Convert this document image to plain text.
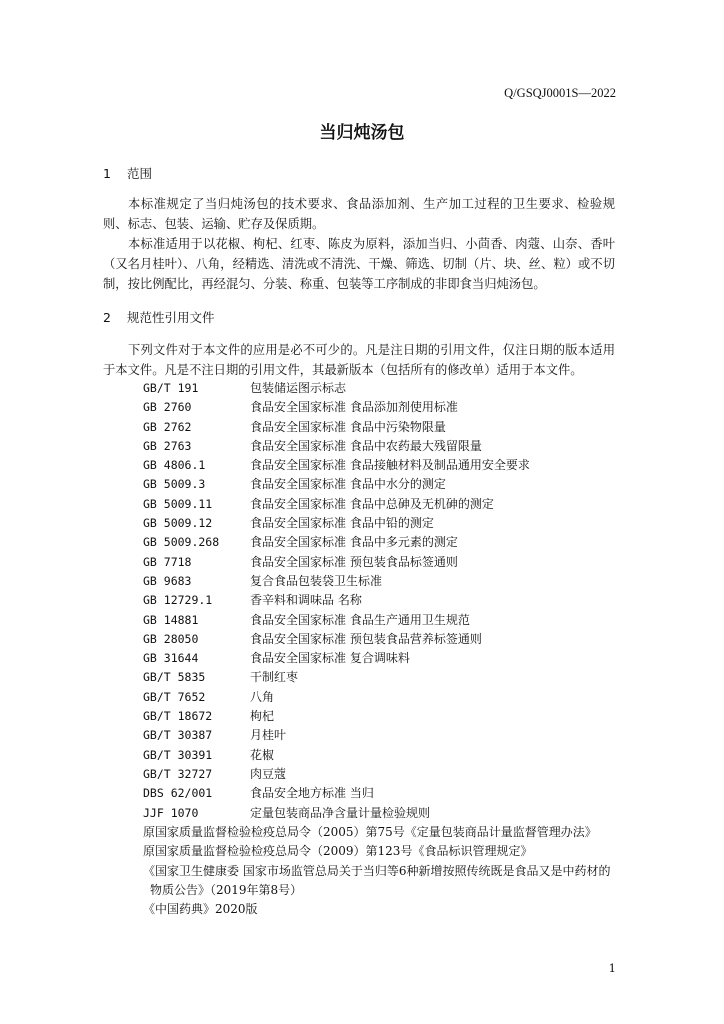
Q/GSQJ0001S—2022
当归炖汤包
1 范围

本标准规定了当归炖汤包的技术要求、食品添加剂、生产加工过程的卫生要求、检验规则、标志、包装、运输、贮存及保质期。

本标准适用于以花椒、枸杞、红枣、陈皮为原料，添加当归、小茴香、肉蔻、山奈、香叶（又名月桂叶）、八角，经精选、清洗或不清洗、干燥、筛选、切制（片、块、丝、粒）或不切制，按比例配比，再经混匀、分装、称重、包装等工序制成的非即食当归炖汤包。

2 规范性引用文件

下列文件对于本文件的应用是必不可少的。凡是注日期的引用文件，仅注日期的版本适用于本文件。凡是不注日期的引用文件，其最新版本（包括所有的修改单）适用于本文件。

GB/T 191	包装储运图示标志
GB 2760	食品安全国家标准 食品添加剂使用标准
GB 2762	食品安全国家标准 食品中污染物限量
GB 2763	食品安全国家标准 食品中农药最大残留限量
GB 4806.1	食品安全国家标准 食品接触材料及制品通用安全要求
GB 5009.3	食品安全国家标准 食品中水分的测定
GB 5009.11	食品安全国家标准 食品中总砷及无机砷的测定
GB 5009.12	食品安全国家标准 食品中铅的测定
GB 5009.268	食品安全国家标准 食品中多元素的测定
GB 7718	食品安全国家标准 预包装食品标签通则
GB 9683	复合食品包装袋卫生标准
GB 12729.1	香辛料和调味品 名称
GB 14881	食品安全国家标准 食品生产通用卫生规范
GB 28050	食品安全国家标准 预包装食品营养标签通则
GB 31644	食品安全国家标准 复合调味料
GB/T 5835	干制红枣
GB/T 7652	八角
GB/T 18672	枸杞
GB/T 30387	月桂叶
GB/T 30391	花椒
GB/T 32727	肉豆蔻
DBS 62/001	食品安全地方标准 当归
JJF 1070	定量包装商品净含量计量检验规则

原国家质量监督检验检疫总局令（2005）第75号《定量包装商品计量监督管理办法》

原国家质量监督检验检疫总局令（2009）第123号《食品标识管理规定》

《国家卫生健康委 国家市场监管总局关于当归等6种新增按照传统既是食品又是中药材的物质公告》（2019年第8号）

《中国药典》2020版

1
